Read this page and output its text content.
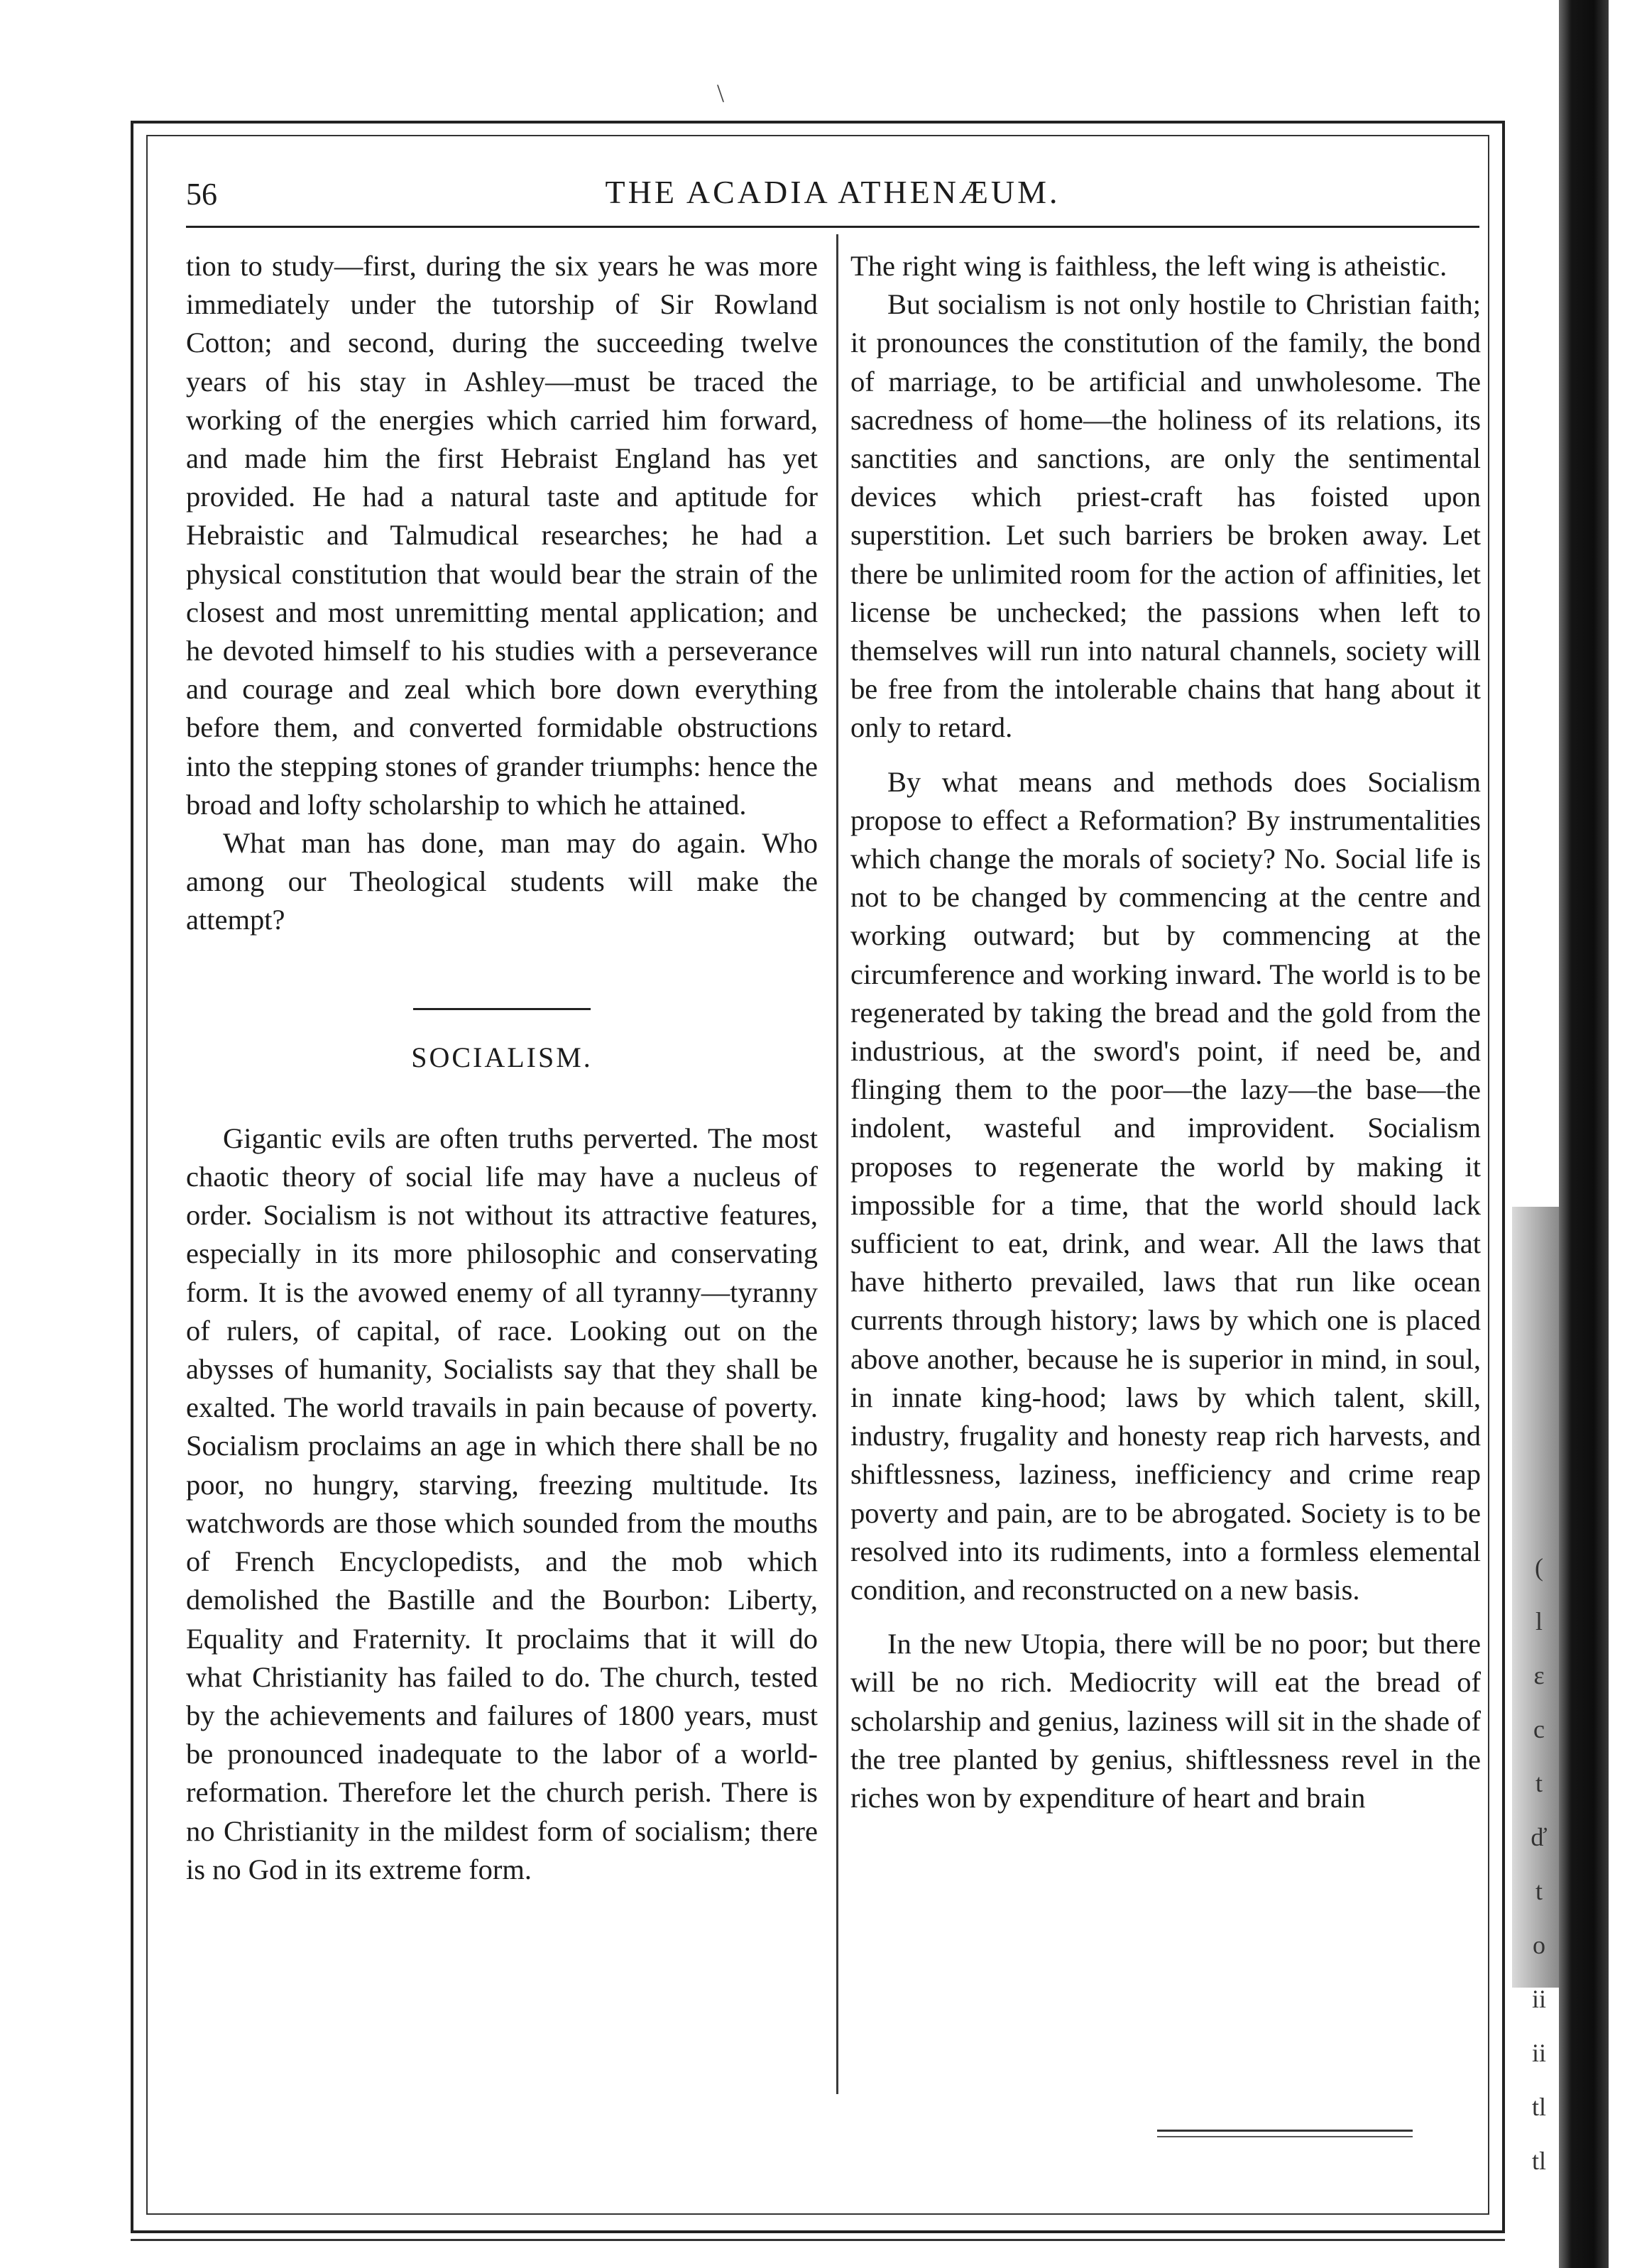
\
56	THE ACADIA ATHENÆUM.

tion to study—first, during the six years he was more immediately under the tutorship of Sir Rowland Cotton; and second, during the succeeding twelve years of his stay in Ashley—must be traced the working of the energies which carried him forward, and made him the first Hebraist England has yet provided. He had a natural taste and aptitude for Hebraistic and Talmudical researches; he had a physical constitution that would bear the strain of the closest and most unremitting mental application; and he devoted himself to his studies with a perseverance and courage and zeal which bore down everything before them, and converted formidable obstructions into the stepping stones of grander triumphs: hence the broad and lofty scholarship to which he attained.

What man has done, man may do again. Who among our Theological students will make the attempt?

SOCIALISM.

Gigantic evils are often truths perverted. The most chaotic theory of social life may have a nucleus of order. Socialism is not without its attractive features, especially in its more philosophic and conservating form. It is the avowed enemy of all tyranny—tyranny of rulers, of capital, of race. Looking out on the abysses of humanity, Socialists say that they shall be exalted. The world travails in pain because of poverty. Socialism proclaims an age in which there shall be no poor, no hungry, starving, freezing multitude. Its watchwords are those which sounded from the mouths of French Encyclopedists, and the mob which demolished the Bastille and the Bourbon: Liberty, Equality and Fraternity. It proclaims that it will do what Christianity has failed to do. The church, tested by the achievements and failures of 1800 years, must be pronounced inadequate to the labor of a world-reformation. Therefore let the church perish. There is no Christianity in the mildest form of socialism; there is no God in its extreme form.

The right wing is faithless, the left wing is atheistic.

But socialism is not only hostile to Christian faith; it pronounces the constitution of the family, the bond of marriage, to be artificial and unwholesome. The sacredness of home—the holiness of its relations, its sanctities and sanctions, are only the sentimental devices which priest-craft has foisted upon superstition. Let such barriers be broken away. Let there be unlimited room for the action of affinities, let license be unchecked; the passions when left to themselves will run into natural channels, society will be free from the intolerable chains that hang about it only to retard.

By what means and methods does Socialism propose to effect a Reformation? By instrumentalities which change the morals of society? No. Social life is not to be changed by commencing at the centre and working outward; but by commencing at the circumference and working inward. The world is to be regenerated by taking the bread and the gold from the industrious, at the sword's point, if need be, and flinging them to the poor—the lazy—the base—the indolent, wasteful and improvident. Socialism proposes to regenerate the world by making it impossible for a time, that the world should lack sufficient to eat, drink, and wear. All the laws that have hitherto prevailed, laws that run like ocean currents through history; laws by which one is placed above another, because he is superior in mind, in soul, in innate king-hood; laws by which talent, skill, industry, frugality and honesty reap rich harvests, and shiftlessness, laziness, inefficiency and crime reap poverty and pain, are to be abrogated. Society is to be resolved into its rudiments, into a formless elemental condition, and reconstructed on a new basis.

In the new Utopia, there will be no poor; but there will be no rich. Mediocrity will eat the bread of scholarship and genius, laziness will sit in the shade of the tree planted by genius, shiftlessness revel in the riches won by expenditure of heart and brain

(
l
ε
c
t
ď
t
o
ii
ii
tl
tl
